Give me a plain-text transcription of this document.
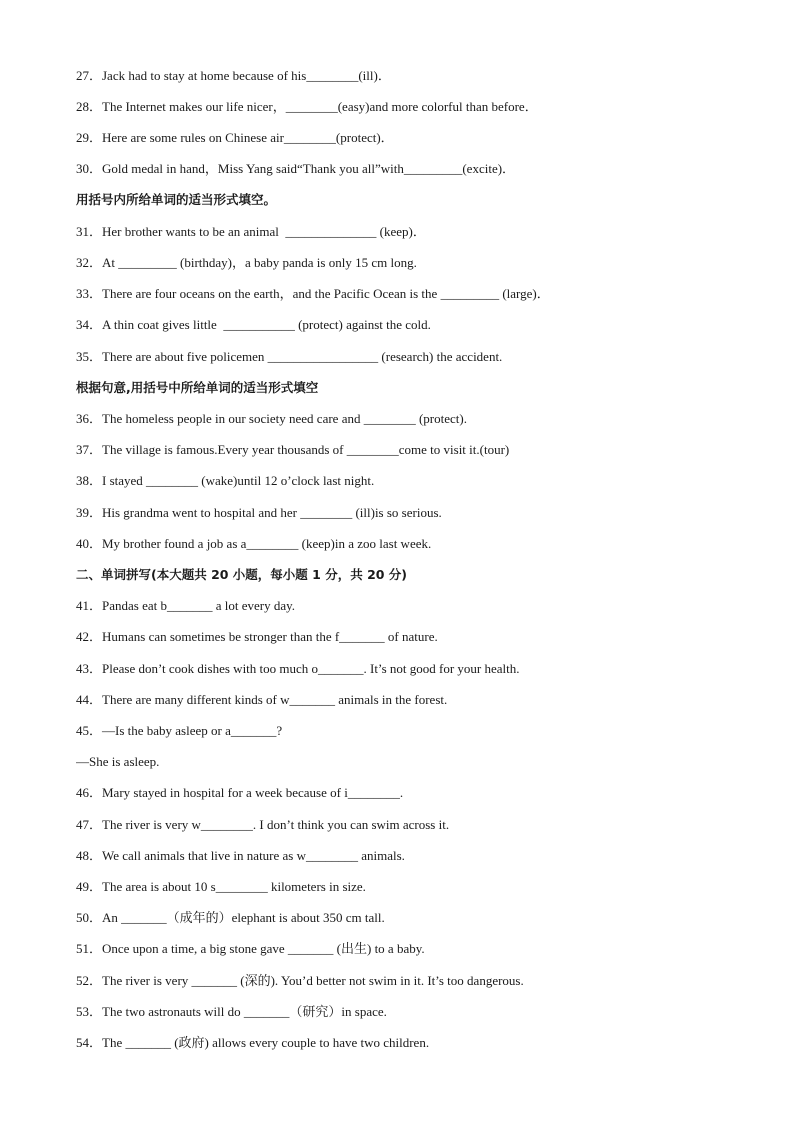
27．Jack had to stay at home because of his________(ill)．
28．The Internet makes our life nicer，________(easy)and more colorful than before．
29．Here are some rules on Chinese air________(protect)．
30．Gold medal in hand，Miss Yang said“Thank you all”with_________(excite)．
用括号内所给单词的适当形式填空。
31．Her brother wants to be an animal  ______________ (keep)．
32．At _________ (birthday)，a baby panda is only 15 cm long.
33．There are four oceans on the earth，and the Pacific Ocean is the _________ (large)．
34．A thin coat gives little  ___________ (protect) against the cold.
35．There are about five policemen _________________ (research) the accident.
根据句意,用括号中所给单词的适当形式填空
36．The homeless people in our society need care and ________ (protect).
37．The village is famous.Every year thousands of ________come to visit it.(tour)
38．I stayed ________ (wake)until 12 o’clock last night.
39．His grandma went to hospital and her ________ (ill)is so serious.
40．My brother found a job as a________ (keep)in a zoo last week.
二、单词拼写(本大题共 20 小题，每小题 1 分，共 20 分)
41．Pandas eat b_______ a lot every day.
42．Humans can sometimes be stronger than the f_______ of nature.
43．Please don’t cook dishes with too much o_______. It’s not good for your health.
44．There are many different kinds of w_______ animals in the forest.
45．—Is the baby asleep or a_______?
—She is asleep.
46．Mary stayed in hospital for a week because of i________.
47．The river is very w________. I don’t think you can swim across it.
48．We call animals that live in nature as w________ animals.
49．The area is about 10 s________ kilometers in size.
50．An _______（成年的）elephant is about 350 cm tall.
51．Once upon a time, a big stone gave _______ (出生) to a baby.
52．The river is very _______ (深的). You’d better not swim in it. It’s too dangerous.
53．The two astronauts will do _______（研究）in space.
54．The _______ (政府) allows every couple to have two children.
